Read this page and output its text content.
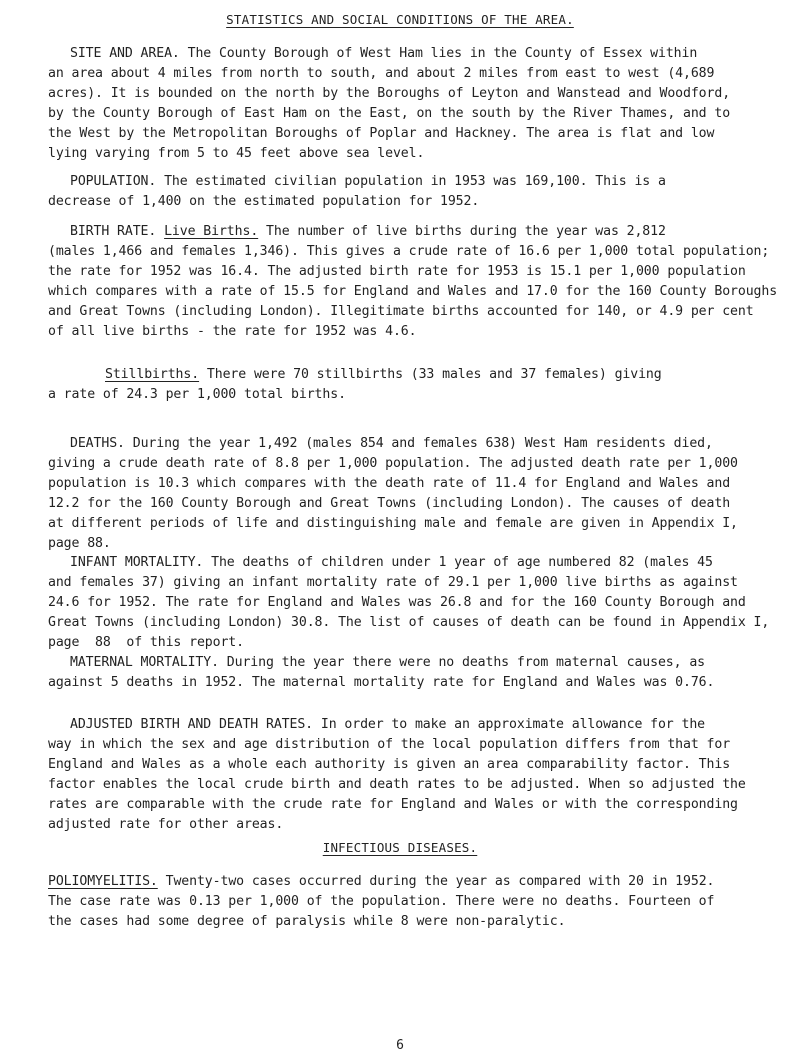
STATISTICS AND SOCIAL CONDITIONS OF THE AREA.
SITE AND AREA. The County Borough of West Ham lies in the County of Essex within
an area about 4 miles from north to south, and about 2 miles from east to west (4,689
acres). It is bounded on the north by the Boroughs of Leyton and Wanstead and Woodford,
by the County Borough of East Ham on the East, on the south by the River Thames, and to
the West by the Metropolitan Boroughs of Poplar and Hackney. The area is flat and low
lying varying from 5 to 45 feet above sea level.
POPULATION. The estimated civilian population in 1953 was 169,100. This is a
decrease of 1,400 on the estimated population for 1952.
BIRTH RATE. Live Births. The number of live births during the year was 2,812
(males 1,466 and females 1,346). This gives a crude rate of 16.6 per 1,000 total population;
the rate for 1952 was 16.4. The adjusted birth rate for 1953 is 15.1 per 1,000 population
which compares with a rate of 15.5 for England and Wales and 17.0 for the 160 County Boroughs
and Great Towns (including London). Illegitimate births accounted for 140, or 4.9 per cent
of all live births - the rate for 1952 was 4.6.
Stillbirths. There were 70 stillbirths (33 males and 37 females) giving
a rate of 24.3 per 1,000 total births.
DEATHS. During the year 1,492 (males 854 and females 638) West Ham residents died,
giving a crude death rate of 8.8 per 1,000 population. The adjusted death rate per 1,000
population is 10.3 which compares with the death rate of 11.4 for England and Wales and
12.2 for the 160 County Borough and Great Towns (including London). The causes of death
at different periods of life and distinguishing male and female are given in Appendix I,
page 88.
INFANT MORTALITY. The deaths of children under 1 year of age numbered 82 (males 45
and females 37) giving an infant mortality rate of 29.1 per 1,000 live births as against
24.6 for 1952. The rate for England and Wales was 26.8 and for the 160 County Borough and
Great Towns (including London) 30.8. The list of causes of death can be found in Appendix I,
page  88  of this report.
MATERNAL MORTALITY. During the year there were no deaths from maternal causes, as
against 5 deaths in 1952. The maternal mortality rate for England and Wales was 0.76.
ADJUSTED BIRTH AND DEATH RATES. In order to make an approximate allowance for the
way in which the sex and age distribution of the local population differs from that for
England and Wales as a whole each authority is given an area comparability factor. This
factor enables the local crude birth and death rates to be adjusted. When so adjusted the
rates are comparable with the crude rate for England and Wales or with the corresponding
adjusted rate for other areas.
INFECTIOUS DISEASES.
POLIOMYELITIS. Twenty-two cases occurred during the year as compared with 20 in 1952.
The case rate was 0.13 per 1,000 of the population. There were no deaths. Fourteen of
the cases had some degree of paralysis while 8 were non-paralytic.
6
